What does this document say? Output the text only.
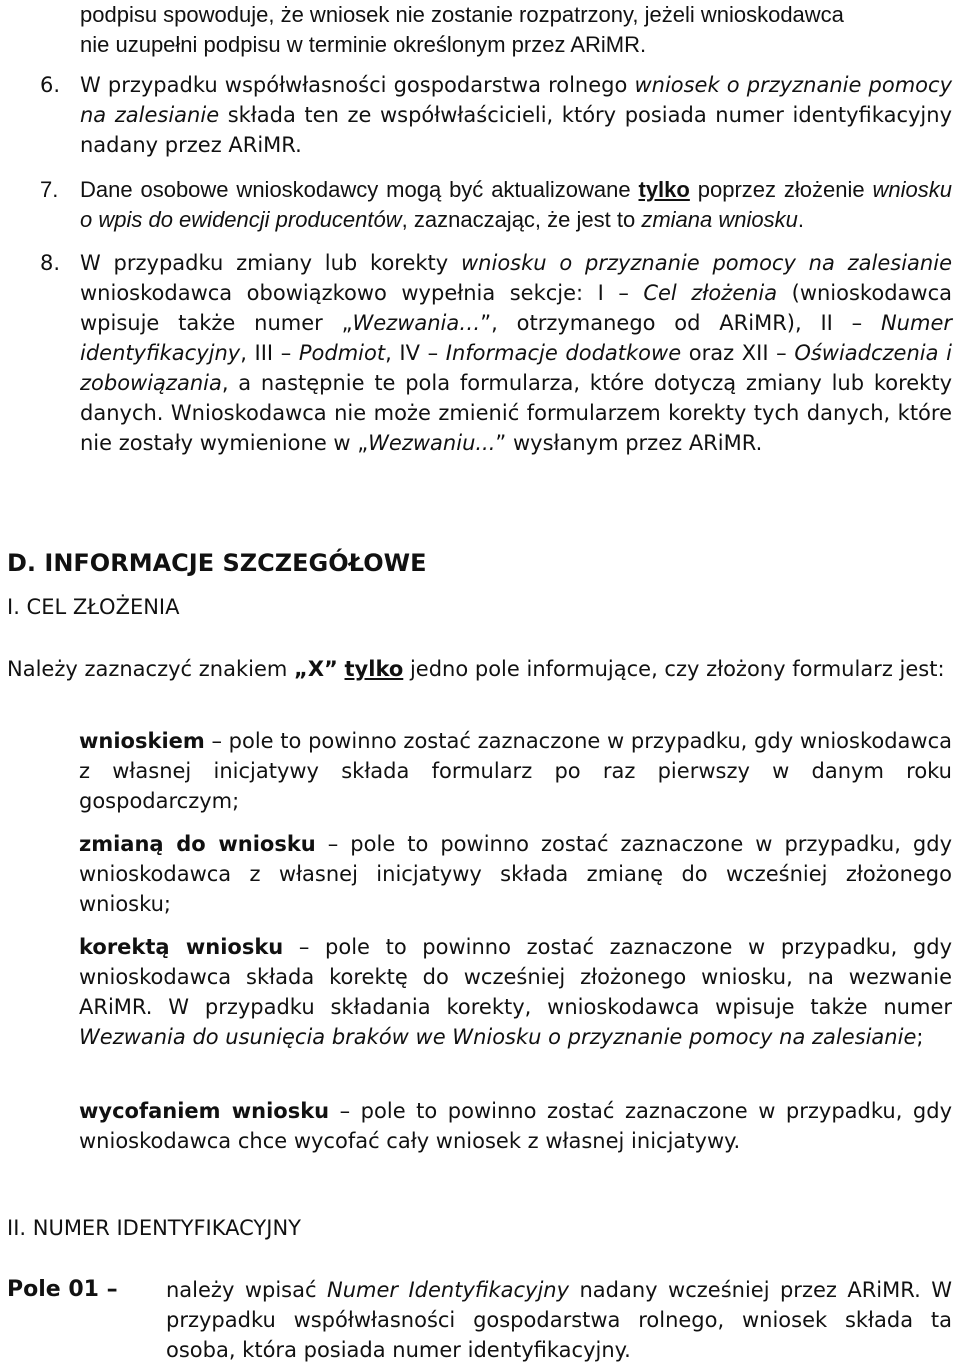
podpisu spowoduje, że wniosek nie zostanie rozpatrzony, jeżeli wnioskodawca
nie uzupełni podpisu w terminie określonym przez ARiMR.
6. W przypadku współwłasności gospodarstwa rolnego wniosek o przyznanie pomocy na zalesianie składa ten ze współwłaścicieli, który posiada numer identyfikacyjny nadany przez ARiMR.
7. Dane osobowe wnioskodawcy mogą być aktualizowane tylko poprzez złożenie wniosku o wpis do ewidencji producentów, zaznaczając, że jest to zmiana wniosku.
8. W przypadku zmiany lub korekty wniosku o przyznanie pomocy na zalesianie wnioskodawca obowiązkowo wypełnia sekcje: I – Cel złożenia (wnioskodawca wpisuje także numer „Wezwania…”, otrzymanego od ARiMR), II – Numer identyfikacyjny, III – Podmiot, IV – Informacje dodatkowe oraz XII – Oświadczenia i zobowiązania, a następnie te pola formularza, które dotyczą zmiany lub korekty danych. Wnioskodawca nie może zmienić formularzem korekty tych danych, które nie zostały wymienione w „Wezwaniu...” wysłanym przez ARiMR.
D. INFORMACJE SZCZEGÓŁOWE
I. CEL ZŁOŻENIA
Należy zaznaczyć znakiem „X” tylko jedno pole informujące, czy złożony formularz jest:
wnioskiem – pole to powinno zostać zaznaczone w przypadku, gdy wnioskodawca z własnej inicjatywy składa formularz po raz pierwszy w danym roku gospodarczym;
zmianą do wniosku – pole to powinno zostać zaznaczone w przypadku, gdy wnioskodawca z własnej inicjatywy składa zmianę do wcześniej złożonego wniosku;
korektą wniosku – pole to powinno zostać zaznaczone w przypadku, gdy wnioskodawca składa korektę do wcześniej złożonego wniosku, na wezwanie ARiMR. W przypadku składania korekty, wnioskodawca wpisuje także numer Wezwania do usunięcia braków we Wniosku o przyznanie pomocy na zalesianie;
wycofaniem wniosku – pole to powinno zostać zaznaczone w przypadku, gdy wnioskodawca chce wycofać cały wniosek z własnej inicjatywy.
II. NUMER IDENTYFIKACYJNY
Pole 01 – należy wpisać Numer Identyfikacyjny nadany wcześniej przez ARiMR. W przypadku współwłasności gospodarstwa rolnego, wniosek składa ta osoba, która posiada numer identyfikacyjny.
